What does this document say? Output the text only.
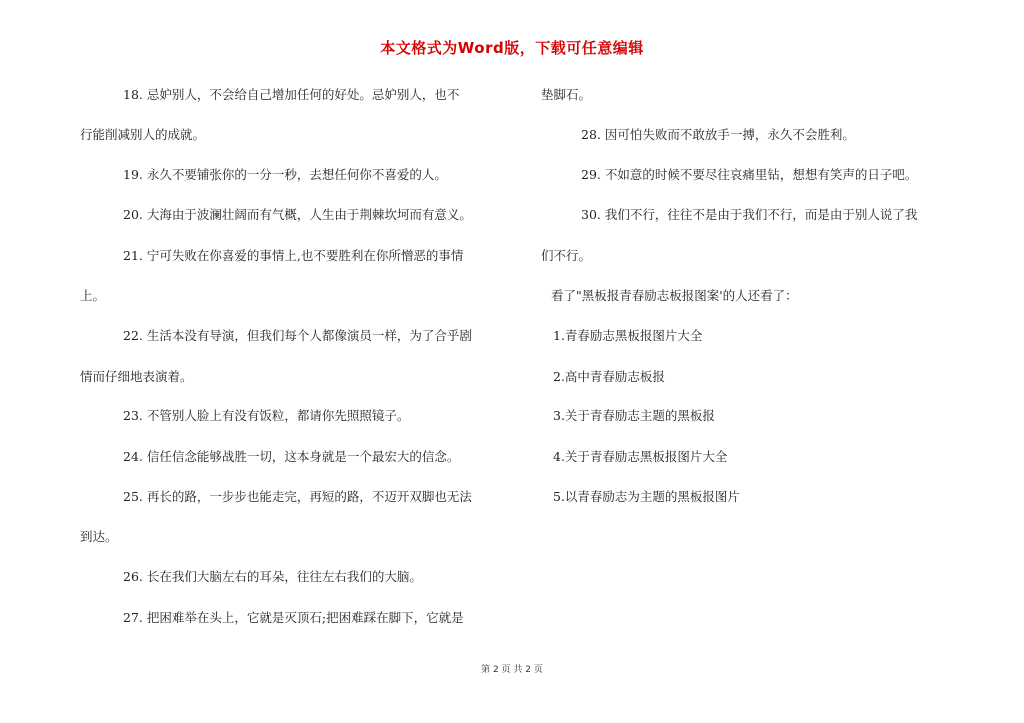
本文格式为Word版，下载可任意编辑
18. 忌妒别人，不会给自己增加任何的好处。忌妒别人，也不
行能削减别人的成就。
19. 永久不要铺张你的一分一秒，去想任何你不喜爱的人。
20. 大海由于波澜壮阔而有气概，人生由于荆棘坎坷而有意义。
21. 宁可失败在你喜爱的事情上,也不要胜利在你所憎恶的事情
上。
22. 生活本没有导演，但我们每个人都像演员一样，为了合乎剧
情而仔细地表演着。
23. 不管别人脸上有没有饭粒，都请你先照照镜子。
24. 信任信念能够战胜一切，这本身就是一个最宏大的信念。
25. 再长的路，一步步也能走完，再短的路，不迈开双脚也无法
到达。
26. 长在我们大脑左右的耳朵，往往左右我们的大脑。
27. 把困难举在头上，它就是灭顶石;把困难踩在脚下，它就是
垫脚石。
28. 因可怕失败而不敢放手一搏，永久不会胜利。
29. 不如意的时候不要尽往哀痛里钻，想想有笑声的日子吧。
30. 我们不行，往往不是由于我们不行，而是由于别人说了我
们不行。
看了"黑板报青春励志板报图案'的人还看了：
1.青春励志黑板报图片大全
2.高中青春励志板报
3.关于青春励志主题的黑板报
4.关于青春励志黑板报图片大全
5.以青春励志为主题的黑板报图片
第 2 页 共 2 页
